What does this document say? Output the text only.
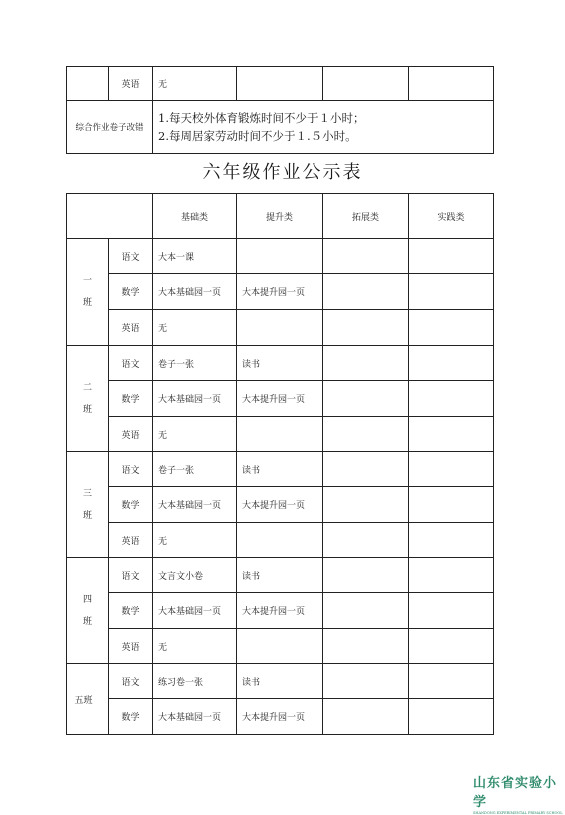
	英语	无			
综合作业卷子改错		1.每天校外体育锻炼时间不少于１小时；
2.每周居家劳动时间不少于１.５小时。			
六年级作业公示表
		基础类	提升类	拓展类	实践类
一
班	语文	大本一课			
	数学	大本基础园一页	大本提升园一页		
	英语	无			
二
班	语文	卷子一张	读书		
	数学	大本基础园一页	大本提升园一页		
	英语	无			
三
班	语文	卷子一张	读书		
	数学	大本基础园一页	大本提升园一页		
	英语	无			
四
班	语文	文言文小卷	读书		
	数学	大本基础园一页	大本提升园一页		
	英语	无			
五班	语文	练习卷一张	读书		
	数学	大本基础园一页	大本提升园一页		
山东省实验小学
SHANDONG EXPERIMENTAL PRIMARY SCHOOL
